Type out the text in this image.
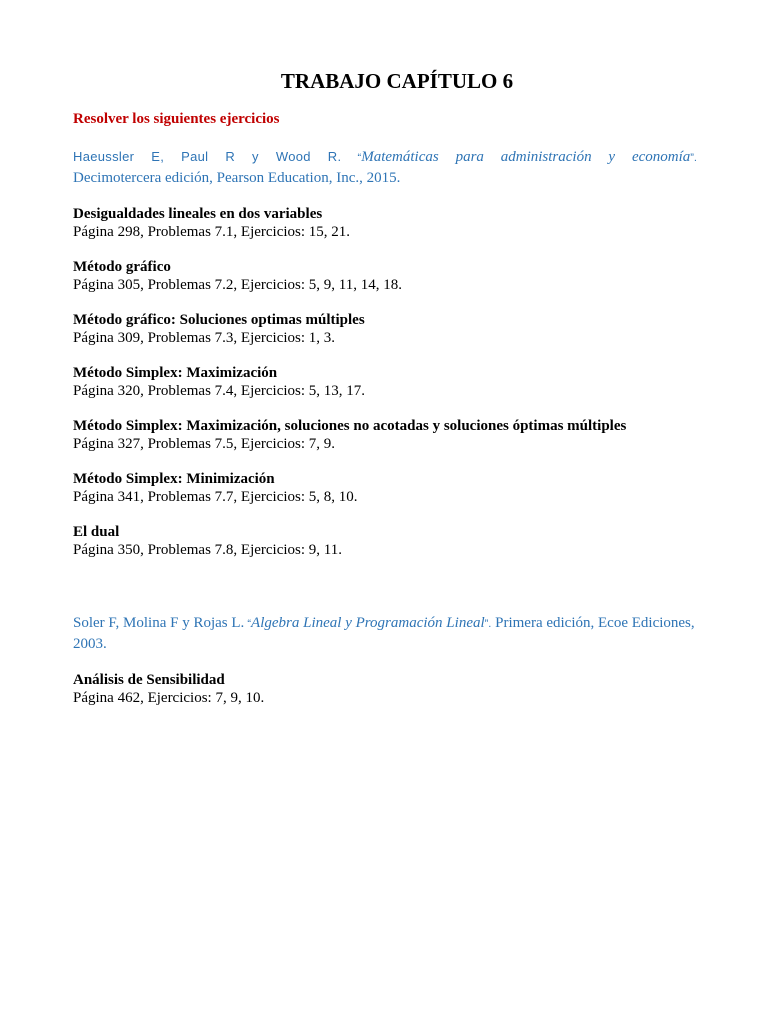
TRABAJO CAPÍTULO 6
Resolver los siguientes ejercicios
Haeussler E, Paul R y Wood R. “Matemáticas para administración y economía”.
Decimotercera edición, Pearson Education, Inc., 2015.
Desigualdades lineales en dos variables
Página 298, Problemas 7.1, Ejercicios: 15, 21.
Método gráfico
Página 305, Problemas 7.2, Ejercicios: 5, 9, 11, 14, 18.
Método gráfico: Soluciones optimas múltiples
Página 309, Problemas 7.3, Ejercicios: 1, 3.
Método Simplex: Maximización
Página 320, Problemas 7.4, Ejercicios: 5, 13, 17.
Método Simplex: Maximización, soluciones no acotadas y soluciones óptimas múltiples
Página 327, Problemas 7.5, Ejercicios: 7, 9.
Método Simplex: Minimización
Página 341, Problemas 7.7, Ejercicios: 5, 8, 10.
El dual
Página 350, Problemas 7.8, Ejercicios: 9, 11.
Soler F, Molina F y Rojas L. “Algebra Lineal y Programación Lineal”. Primera edición, Ecoe Ediciones, 2003.
Análisis de Sensibilidad
Página 462, Ejercicios: 7, 9, 10.
